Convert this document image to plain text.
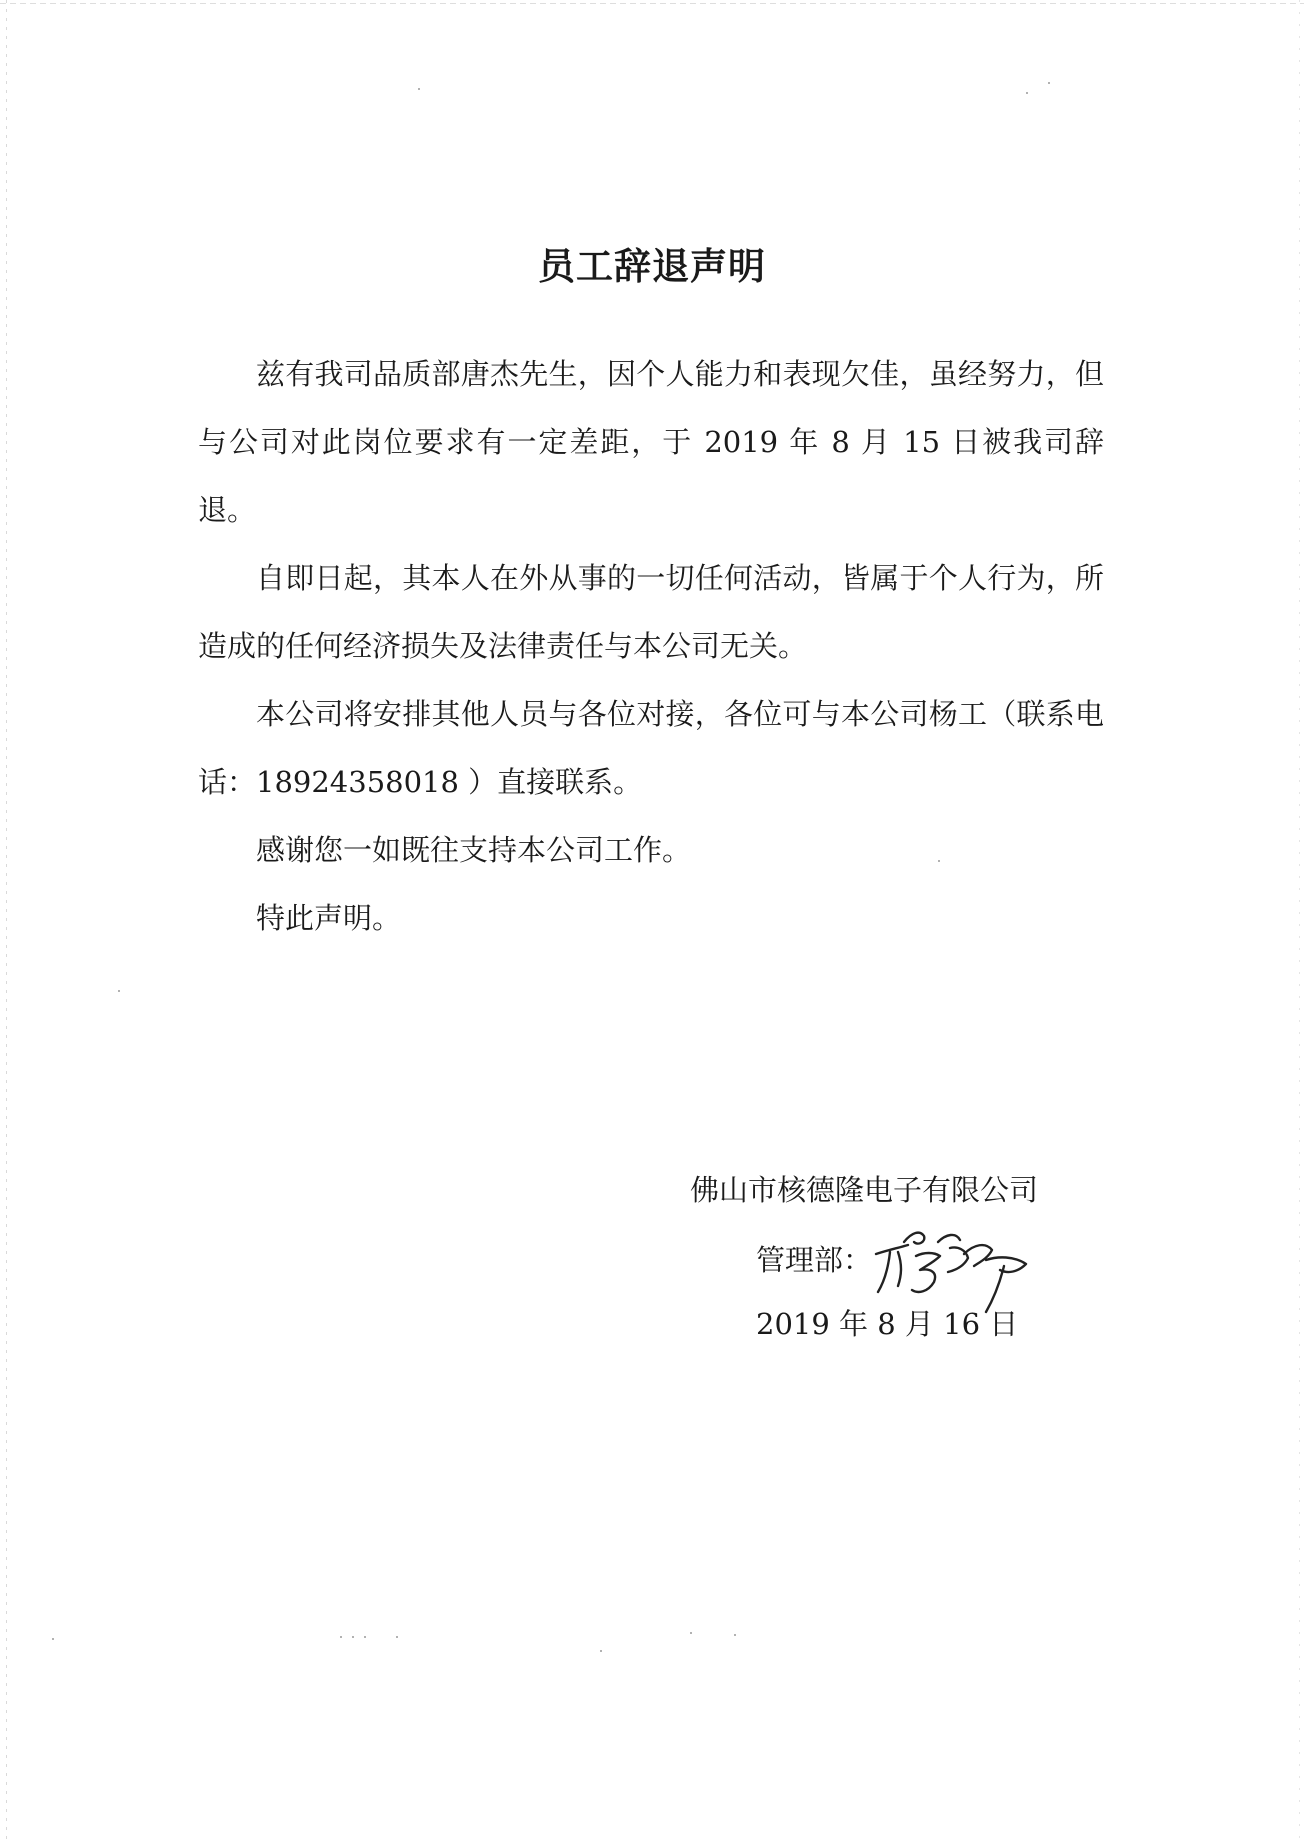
员工辞退声明

兹有我司品质部唐杰先生，因个人能力和表现欠佳，虽经努力，但与公司对此岗位要求有一定差距，于 2019 年 8 月 15 日被我司辞退。

自即日起，其本人在外从事的一切任何活动，皆属于个人行为，所造成的任何经济损失及法律责任与本公司无关。

本公司将安排其他人员与各位对接，各位可与本公司杨工（联系电话：18924358018 ）直接联系。

感谢您一如既往支持本公司工作。

特此声明。

佛山市核德隆电子有限公司
管理部：
2019 年 8 月 16 日
